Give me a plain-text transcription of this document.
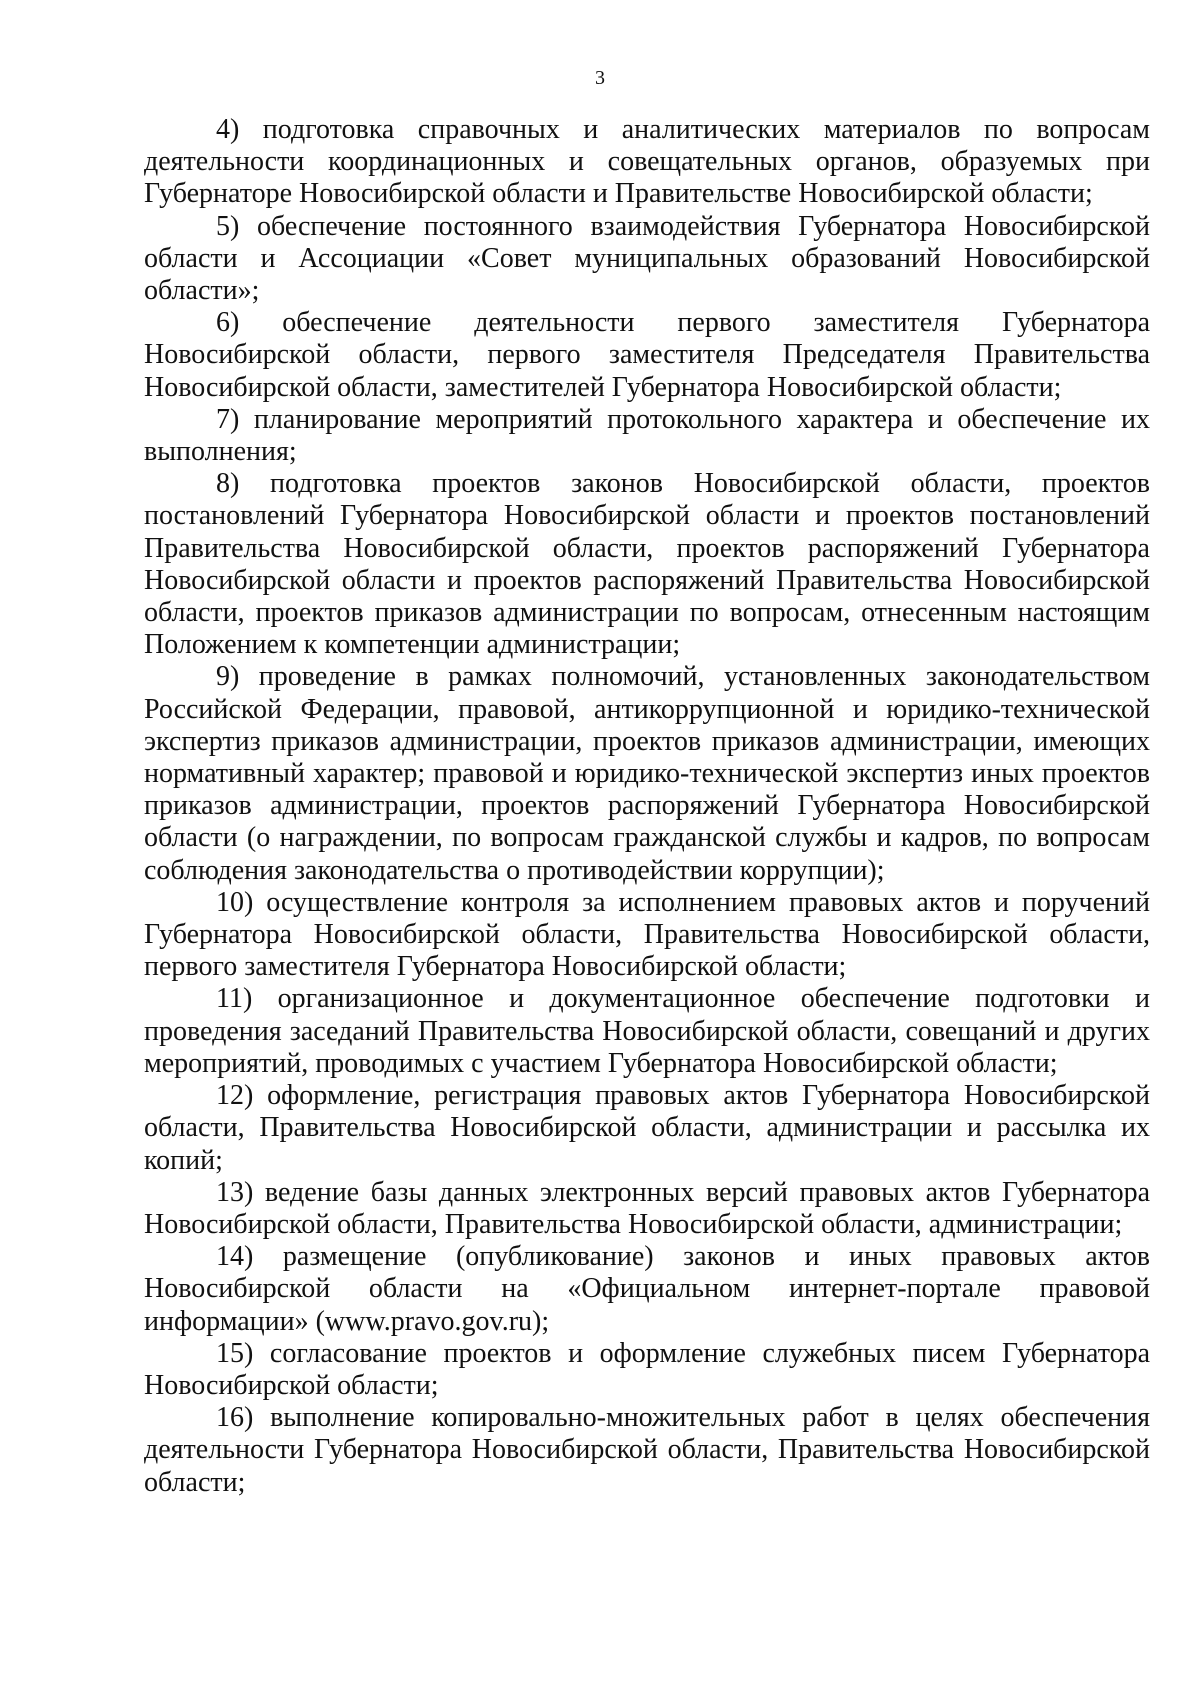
3

4) подготовка справочных и аналитических материалов по вопросам деятельности координационных и совещательных органов, образуемых при Губернаторе Новосибирской области и Правительстве Новосибирской области;

5) обеспечение постоянного взаимодействия Губернатора Новосибирской области и Ассоциации «Совет муниципальных образований Новосибирской области»;

6) обеспечение деятельности первого заместителя Губернатора Новосибирской области, первого заместителя Председателя Правительства Новосибирской области, заместителей Губернатора Новосибирской области;

7) планирование мероприятий протокольного характера и обеспечение их выполнения;

8) подготовка проектов законов Новосибирской области, проектов постановлений Губернатора Новосибирской области и проектов постановлений Правительства Новосибирской области, проектов распоряжений Губернатора Новосибирской области и проектов распоряжений Правительства Новосибирской области, проектов приказов администрации по вопросам, отнесенным настоящим Положением к компетенции администрации;

9) проведение в рамках полномочий, установленных законодательством Российской Федерации, правовой, антикоррупционной и юридико-технической экспертиз приказов администрации, проектов приказов администрации, имеющих нормативный характер; правовой и юридико-технической экспертиз иных проектов приказов администрации, проектов распоряжений Губернатора Новосибирской области (о награждении, по вопросам гражданской службы и кадров, по вопросам соблюдения законодательства о противодействии коррупции);

10) осуществление контроля за исполнением правовых актов и поручений Губернатора Новосибирской области, Правительства Новосибирской области, первого заместителя Губернатора Новосибирской области;

11) организационное и документационное обеспечение подготовки и проведения заседаний Правительства Новосибирской области, совещаний и других мероприятий, проводимых с участием Губернатора Новосибирской области;

12) оформление, регистрация правовых актов Губернатора Новосибирской области, Правительства Новосибирской области, администрации и рассылка их копий;

13) ведение базы данных электронных версий правовых актов Губернатора Новосибирской области, Правительства Новосибирской области, администрации;

14) размещение (опубликование) законов и иных правовых актов Новосибирской области на «Официальном интернет-портале правовой информации» (www.pravo.gov.ru);

15) согласование проектов и оформление служебных писем Губернатора Новосибирской области;

16) выполнение копировально-множительных работ в целях обеспечения деятельности Губернатора Новосибирской области, Правительства Новосибирской области;
